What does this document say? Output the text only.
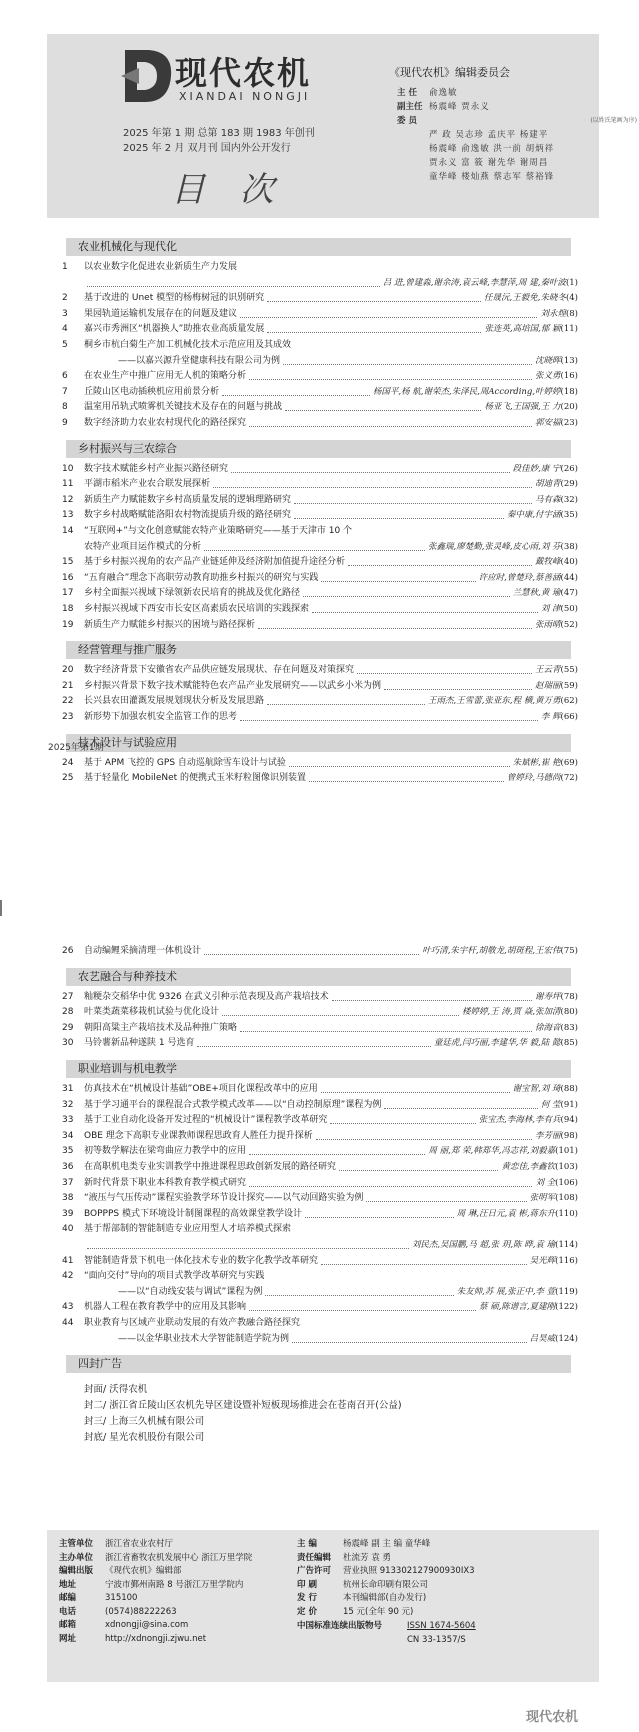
现代农机
XIANDAI NONGJI
2025 年第 1 期 总第 183 期 1983 年创刊
2025 年 2 月 双月刊 国内外公开发行
目 次
《现代农机》编辑委员会
主 任	俞逸敏
副主任 杨震峰 贾永义
委 员	(以姓氏笔画为序)
严 政 吴志珍 孟庆平 杨建平
杨震峰 俞逸敏 洪一前 胡炳祥
贾永义 富 筱 谢先华 谢周昌
童华峰 楼灿燕 蔡志军 蔡裕锋
农业机械化与现代化
1	以农业数字化促进农业新质生产力发展
吕 进,曾建淼,谢余涛,袁云峰,李慧萍,周 建,秦叶波 (1)
2	基于改进的 Unet 模型的杨梅树冠的识别研究	任晟沅,王毅免,朱晓冬 (4)
3	果园轨道运输机发展存在的问题及建议	刘永煌 (8)
4	嘉兴市秀洲区“机器换人”助推农业高质量发展	张连英,高培国,郁 颖 (11)
5	桐乡市杭白菊生产加工机械化技术示范应用及其成效
——以嘉兴源升堂健康科技有限公司为例	沈晓晖 (13)
6	在农业生产中推广应用无人机的策略分析	张义勇 (16)
7	丘陵山区电动插秧机应用前景分析	杨国平,杨 航,谢荣杰,朱泽民,周According,叶婷婷 (18)
8	温室用吊轨式喷雾机关键技术及存在的问题与挑战	杨亚飞,王国强,王 力 (20)
9	数字经济助力农业农村现代化的路径探究	郭安福 (23)
乡村振兴与三农综合
10	数字技术赋能乡村产业振兴路径研究	段佳妙,康 宁 (26)
11	平湖市稻米产业农合联发展探析	胡迪青 (29)
12	新质生产力赋能数字乡村高质量发展的逻辑理路研究	马有森 (32)
13	数字乡村战略赋能洛阳农村物流提质升级的路径研究	秦中康,付宇涵 (35)
14	“互联网+”与文化创意赋能农特产业策略研究——基于天津市 10 个
农特产业项目运作模式的分析	张鑫瑞,廖楚勤,张灵峰,皮心雨,刘 芬 (38)
15	基于乡村振兴视角的农产品产业链延伸及经济附加值提升途径分析	戴牧峰 (40)
16	“五育融合”理念下高职劳动教育助推乡村振兴的研究与实践	许应时,曾楚玲,蔡善涵 (44)
17	乡村全面振兴视域下绿领新农民培育的挑战及优化路径	兰慧秋,黄 瑜 (47)
18	乡村振兴视域下西安市长安区高素质农民培训的实践探索	刘 津 (50)
19	新质生产力赋能乡村振兴的困境与路径探析	张雨晴 (52)
经营管理与推广服务
20	数字经济背景下安徽省农产品供应链发展现状、存在问题及对策探究	王云青 (55)
21	乡村振兴背景下数字技术赋能特色农产品产业发展研究——以武乡小米为例	赵瑞丽 (59)
22	长兴县农田灌溉发展规划现状分析及发展思路	王雨杰,王雪蕾,张亚东,程 横,黄万勇 (62)
23	新形势下加强农机安全监管工作的思考	李 辉 (66)
技术设计与试验应用
24	基于 APM 飞控的 GPS 自动巡航除雪车设计与试验	朱斌彬,崔 艳 (69)
25	基于轻量化 MobileNet 的便携式玉米籽粒图像识别装置	曾婷玲,马德尚 (72)
2025年第1期
26	自动编鲤采摘清理一体机设计	叶巧清,朱宇杆,胡敬龙,胡斑程,王宏伟 (75)
农艺融合与种养技术
27	籼粳杂交稻华中优 9326 在武义引种示范表现及高产栽培技术	谢寿坪 (78)
28	叶菜类蔬菜移栽机试验与优化设计	楼婷婷,王 涛,贾 焱,张加清 (80)
29	朝阳高粱主产栽培技术及品种推广策略	徐海音 (83)
30	马铃薯新品种遂陕 1 号选育	童廷虎,闫巧丽,李建华,华 毅,陆 懿 (85)
职业培训与机电教学
31	仿真技术在“机械设计基础”OBE+项目化课程改革中的应用	谢宝智,刘 琦 (88)
32	基于学习通平台的课程混合式教学模式改革——以“自动控制原理”课程为例	何 莹 (91)
33	基于工业自动化设备开发过程的“机械设计”课程教学改革研究	张宝杰,李海林,李有兵 (94)
34	OBE 理念下高职专业课教师课程思政育人胜任力提升探析	李芳丽 (98)
35	初等数学解法在梁弯曲应力教学中的应用	周 丽,郑 荣,韩郑华,冯志祥,刘毅嘉 (101)
36	在高职机电类专业实训教学中推进课程思政创新发展的路径研究	黄恋佳,李鑫钦 (103)
37	新时代背景下职业本科教育教学模式研究	刘 全 (106)
38	“液压与气压传动”课程实验教学环节设计探究——以气动回路实验为例	张明军 (108)
39	BOPPPS 模式下环境设计制图课程的高效课堂教学设计	周 琳,汪日元,袁 彬,蒋东升 (110)
40	基于帮部制的智能制造专业应用型人才培养模式探索
刘民杰,吴国鹏,马 超,张 玥,陈 晔,袁 瑜 (114)
41	智能制造背景下机电一体化技术专业的数字化教学改革研究	吴光辉 (116)
42	“面向交付”导向的项目式教学改革研究与实践
——以“自动线安装与调试”课程为例	朱友帅,苏 展,张正中,李 萱 (119)
43	机器人工程在教育教学中的应用及其影响	蔡 硕,陈谱言,夏建刚 (122)
44	职业教育与区域产业联动发展的有效产教融合路径探究
——以金华职业技术大学智能制造学院为例	吕昊威 (124)
四封广告
封面/ 沃得农机
封二/ 浙江省丘陵山区农机先导区建设暨补短板现场推进会在苍南召开(公益)
封三/ 上海三久机械有限公司
封底/ 星光农机股份有限公司
主管单位	浙江省农业农村厅
主办单位	浙江省畜牧农机发展中心 浙江万里学院
编辑出版	《现代农机》编辑部
地址	宁波市鄞州南路 8 号浙江万里学院内
邮编	315100
电话	(0574)88222263
邮箱	xdnongji@sina.com
网址	http://xdnongji.zjwu.net
主 编	杨震峰 副 主 编 童华峰
责任编辑	杜流芳 袁 勇
广告许可	营业执照 913302127900930IX3
印 刷	杭州长命印刷有限公司
发 行	本刊编辑部(自办发行)
定 价	15 元(全年 90 元)
中国标准连续出版物号	ISSN 1674-5604
CN 33-1357/S
现代农机
